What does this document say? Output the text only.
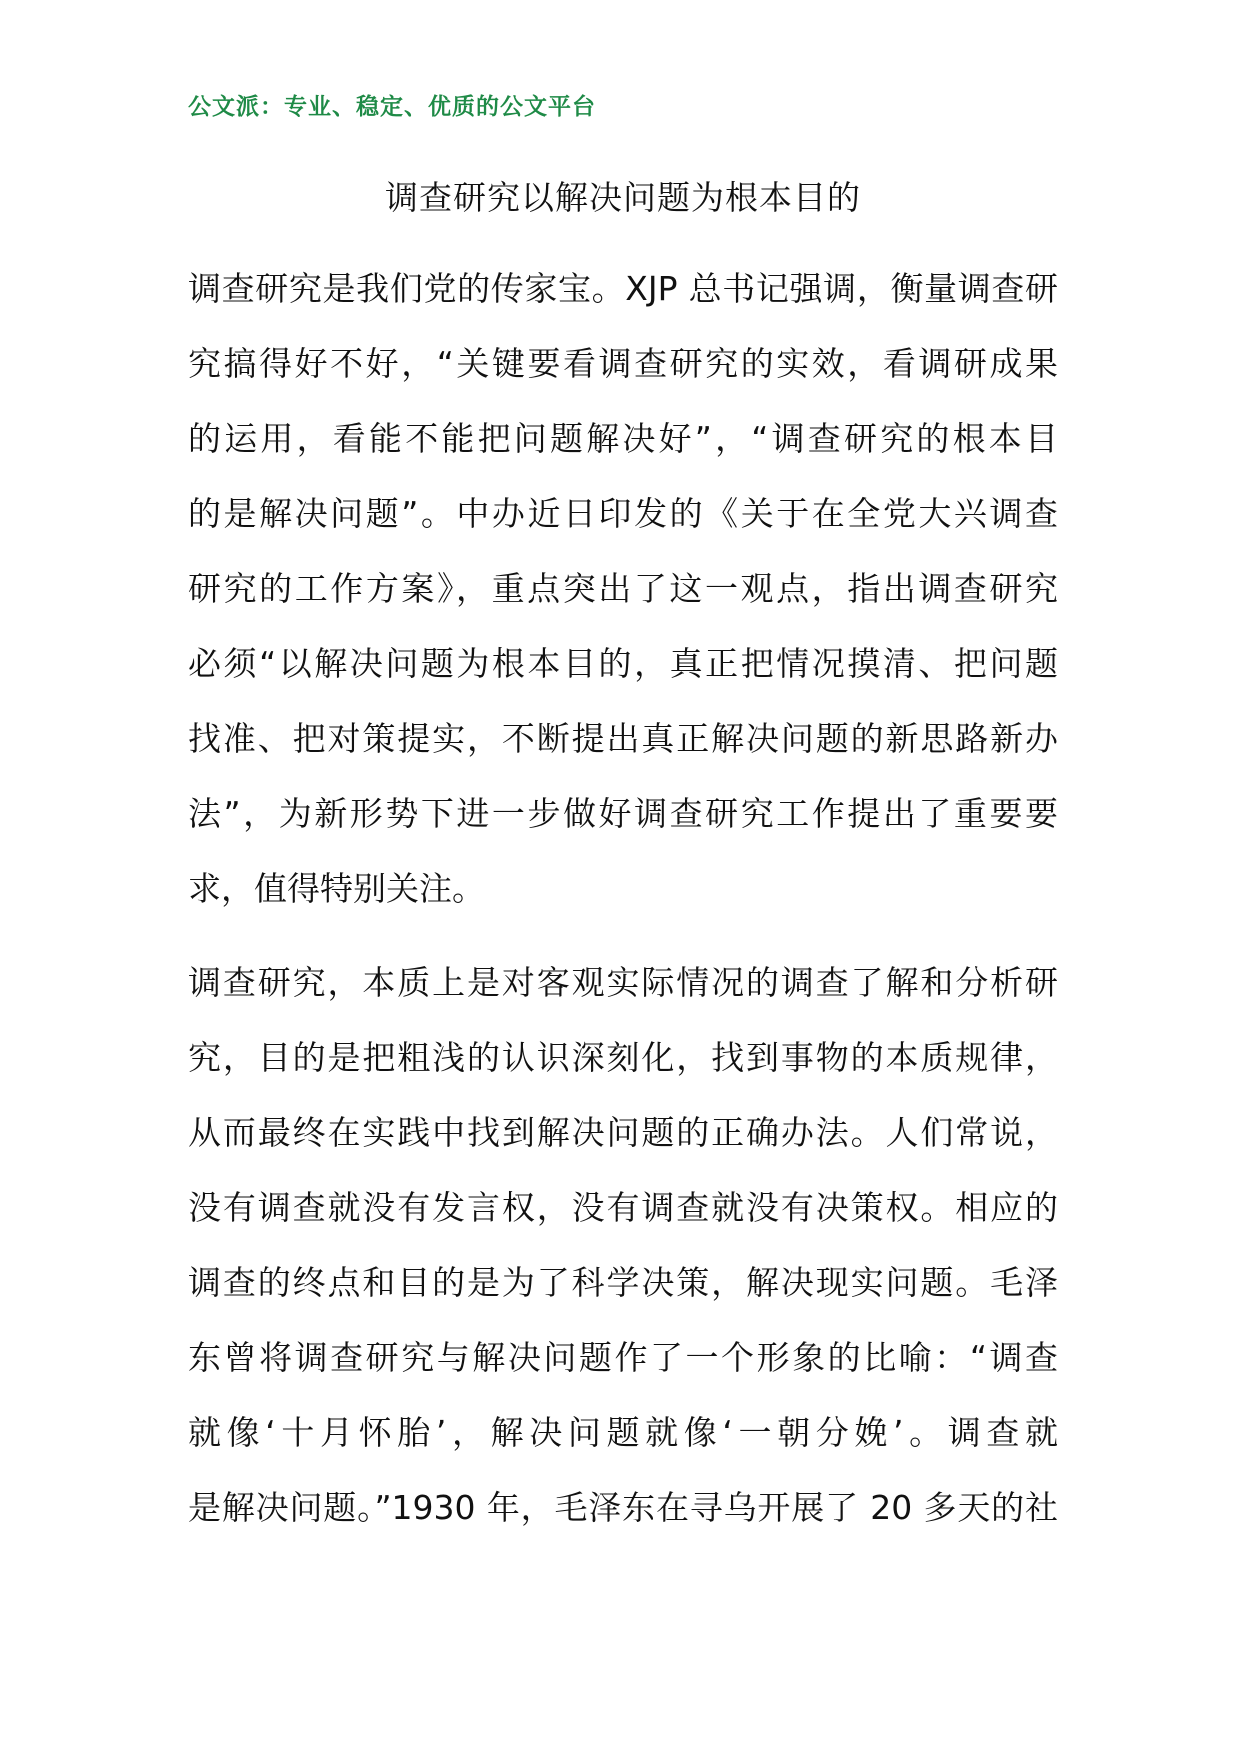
公文派：专业、稳定、优质的公文平台
调查研究以解决问题为根本目的
调查研究是我们党的传家宝。XJP 总书记强调，衡量调查研
究搞得好不好，“关键要看调查研究的实效，看调研成果
的运用，看能不能把问题解决好”，“调查研究的根本目
的是解决问题”。中办近日印发的《关于在全党大兴调查
研究的工作方案》，重点突出了这一观点，指出调查研究
必须“以解决问题为根本目的，真正把情况摸清、把问题
找准、把对策提实，不断提出真正解决问题的新思路新办
法”，为新形势下进一步做好调查研究工作提出了重要要
求，值得特别关注。
调查研究，本质上是对客观实际情况的调查了解和分析研
究，目的是把粗浅的认识深刻化，找到事物的本质规律，
从而最终在实践中找到解决问题的正确办法。人们常说，
没有调查就没有发言权，没有调查就没有决策权。相应的
调查的终点和目的是为了科学决策，解决现实问题。毛泽
东曾将调查研究与解决问题作了一个形象的比喻：“调查
就像‘十月怀胎’，解决问题就像‘一朝分娩’。调查就
是解决问题。”1930 年，毛泽东在寻乌开展了 20 多天的社
